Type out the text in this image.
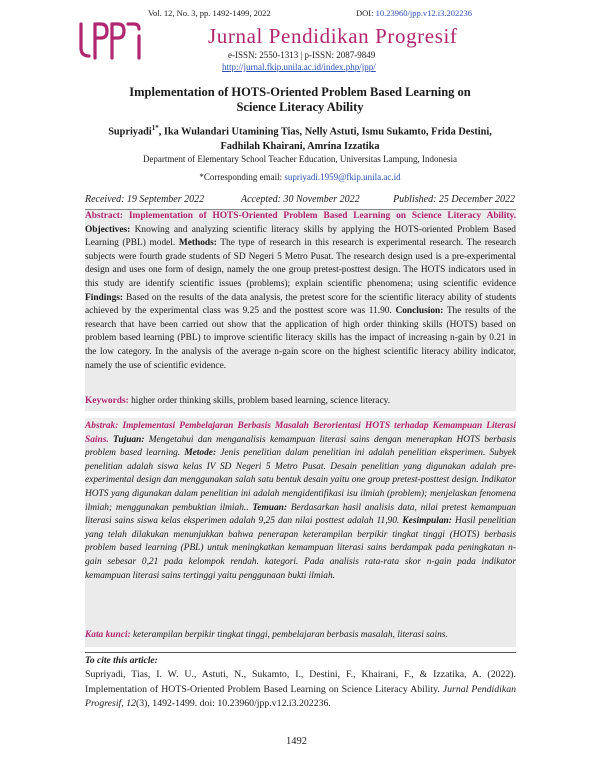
Vol. 12, No. 3, pp. 1492-1499, 2022	DOI: 10.23960/jpp.v12.i3.202236
Jurnal Pendidikan Progresif
e-ISSN: 2550-1313 | p-ISSN: 2087-9849
http://jurnal.fkip.unila.ac.id/index.php/jpp/
Implementation of HOTS-Oriented Problem Based Learning on
Science Literacy Ability
Supriyadi$^{1*}$, Ika Wulandari Utamining Tias, Nelly Astuti, Ismu Sukamto, Frida Destini,
Fadhilah Khairani, Amrina Izzatika
Department of Elementary School Teacher Education, Universitas Lampung, Indonesia
*Corresponding email: supriyadi.1959@fkip.unila.ac.id
Received: 19 September 2022	Accepted: 30 November 2022	Published: 25 December 2022
Abstract: Implementation of HOTS-Oriented Problem Based Learning on Science Literacy Ability. Objectives: Knowing and analyzing scientific literacy skills by applying the HOTS-oriented Problem Based Learning (PBL) model. Methods: The type of research in this research is experimental research. The research subjects were fourth grade students of SD Negeri 5 Metro Pusat. The research design used is a pre-experimental design and uses one form of design, namely the one group pretest-posttest design. The HOTS indicators used in this study are identify scientific issues (problems); explain scientific phenomena; using scientific evidence Findings: Based on the results of the data analysis, the pretest score for the scientific literacy ability of students achieved by the experimental class was 9.25 and the posttest score was 11.90. Conclusion: The results of the research that have been carried out show that the application of high order thinking skills (HOTS) based on problem based learning (PBL) to improve scientific literacy skills has the impact of increasing n-gain by 0.21 in the low category. In the analysis of the average n-gain score on the highest scientific literacy ability indicator, namely the use of scientific evidence.
Keywords: higher order thinking skills, problem based learning, science literacy.
Abstrak: Implementasi Pembelajaran Berbasis Masalah Berorientasi HOTS terhadap Kemampuan Literasi Sains. Tujuan: Mengetahui dan menganalisis kemampuan literasi sains dengan menerapkan HOTS berbasis problem based learning. Metode: Jenis penelitian dalam penelitian ini adalah penelitian eksperimen. Subyek penelitian adalah siswa kelas IV SD Negeri 5 Metro Pusat. Desain penelitian yang digunakan adalah pre-experimental design dan menggunakan salah satu bentuk desain yaitu one group pretest-posttest design. Indikator HOTS yang digunakan dalam penelitian ini adalah mengidentifikasi isu ilmiah (problem); menjelaskan fenomena ilmiah; menggunakan pembuktian ilmiah.. Temuan: Berdasarkan hasil analisis data, nilai pretest kemampuan literasi sains siswa kelas eksperimen adalah 9,25 dan nilai posttest adalah 11,90. Kesimpulan: Hasil penelitian yang telah dilakukan menunjukkan bahwa penerapan keterampilan berpikir tingkat tinggi (HOTS) berbasis problem based learning (PBL) untuk meningkatkan kemampuan literasi sains berdampak pada peningkatan n-gain sebesar 0,21 pada kelompok rendah. kategori. Pada analisis rata-rata skor n-gain pada indikator kemampuan literasi sains tertinggi yaitu penggunaan bukti ilmiah.
Kata kunci: keterampilan berpikir tingkat tinggi, pembelajaran berbasis masalah, literasi sains.
To cite this article:
Supriyadi, Tias, I. W. U., Astuti, N., Sukamto, I., Destini, F., Khairani, F., & Izzatika, A. (2022). Implementation of HOTS-Oriented Problem Based Learning on Science Literacy Ability. Jurnal Pendidikan Progresif, 12(3), 1492-1499. doi: 10.23960/jpp.v12.i3.202236.
1492
